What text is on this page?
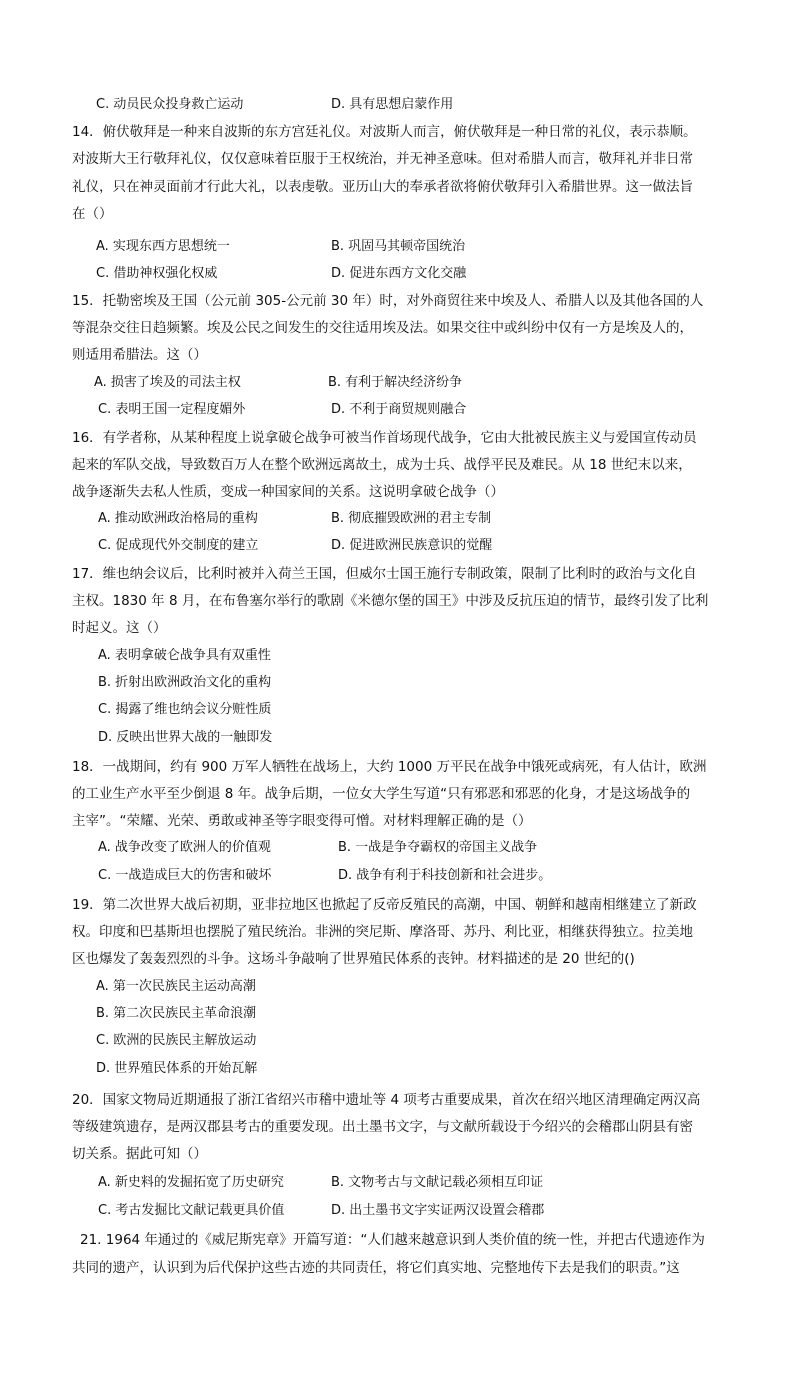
C. 动员民众投身救亡运动	D. 具有思想启蒙作用
14．俯伏敬拜是一种来自波斯的东方宫廷礼仪。对波斯人而言，俯伏敬拜是一种日常的礼仪，表示恭顺。
对波斯大王行敬拜礼仪，仅仅意味着臣服于王权统治，并无神圣意味。但对希腊人而言，敬拜礼并非日常
礼仪，只在神灵面前才行此大礼，以表虔敬。亚历山大的奉承者欲将俯伏敬拜引入希腊世界。这一做法旨
在（）
A. 实现东西方思想统一	B. 巩固马其顿帝国统治
C. 借助神权强化权威	D. 促进东西方文化交融
15．托勒密埃及王国（公元前 305-公元前 30 年）时，对外商贸往来中埃及人、希腊人以及其他各国的人
等混杂交往日趋频繁。埃及公民之间发生的交往适用埃及法。如果交往中或纠纷中仅有一方是埃及人的，
则适用希腊法。这（）
A. 损害了埃及的司法主权	B. 有利于解决经济纷争
C. 表明王国一定程度媚外	D. 不利于商贸规则融合
16．有学者称，从某种程度上说拿破仑战争可被当作首场现代战争，它由大批被民族主义与爱国宣传动员
起来的军队交战，导致数百万人在整个欧洲远离故土，成为士兵、战俘平民及难民。从 18 世纪末以来，
战争逐渐失去私人性质，变成一种国家间的关系。这说明拿破仑战争（）
A. 推动欧洲政治格局的重构	B. 彻底摧毁欧洲的君主专制
C. 促成现代外交制度的建立	D. 促进欧洲民族意识的觉醒
17．维也纳会议后，比利时被并入荷兰王国，但威尔士国王施行专制政策，限制了比利时的政治与文化自
主权。1830 年 8 月，在布鲁塞尔举行的歌剧《米德尔堡的国王》中涉及反抗压迫的情节，最终引发了比利
时起义。这（）
A. 表明拿破仑战争具有双重性
B. 折射出欧洲政治文化的重构
C. 揭露了维也纳会议分赃性质
D. 反映出世界大战的一触即发
18．一战期间，约有 900 万军人牺牲在战场上，大约 1000 万平民在战争中饿死或病死，有人估计，欧洲
的工业生产水平至少倒退 8 年。战争后期，一位女大学生写道“只有邪恶和邪恶的化身，才是这场战争的
主宰”。“荣耀、光荣、勇敢或神圣等字眼变得可憎。对材料理解正确的是（）
A. 战争改变了欧洲人的价值观	B. 一战是争夺霸权的帝国主义战争
C. 一战造成巨大的伤害和破坏	D. 战争有利于科技创新和社会进步。
19．第二次世界大战后初期，亚非拉地区也掀起了反帝反殖民的高潮，中国、朝鲜和越南相继建立了新政
权。印度和巴基斯坦也摆脱了殖民统治。非洲的突尼斯、摩洛哥、苏丹、利比亚，相继获得独立。拉美地
区也爆发了轰轰烈烈的斗争。这场斗争敲响了世界殖民体系的丧钟。材料描述的是 20 世纪的()
A. 第一次民族民主运动高潮
B. 第二次民族民主革命浪潮
C. 欧洲的民族民主解放运动
D. 世界殖民体系的开始瓦解
20．国家文物局近期通报了浙江省绍兴市稽中遗址等 4 项考古重要成果，首次在绍兴地区清理确定两汉高
等级建筑遗存，是两汉郡县考古的重要发现。出土墨书文字，与文献所载设于今绍兴的会稽郡山阴县有密
切关系。据此可知（）
A. 新史料的发掘拓宽了历史研究	B. 文物考古与文献记载必须相互印证
C. 考古发掘比文献记载更具价值	D. 出土墨书文字实证两汉设置会稽郡
21. 1964 年通过的《威尼斯宪章》开篇写道：“人们越来越意识到人类价值的统一性，并把古代遗迹作为
共同的遗产，认识到为后代保护这些古迹的共同责任，将它们真实地、完整地传下去是我们的职责。”这
